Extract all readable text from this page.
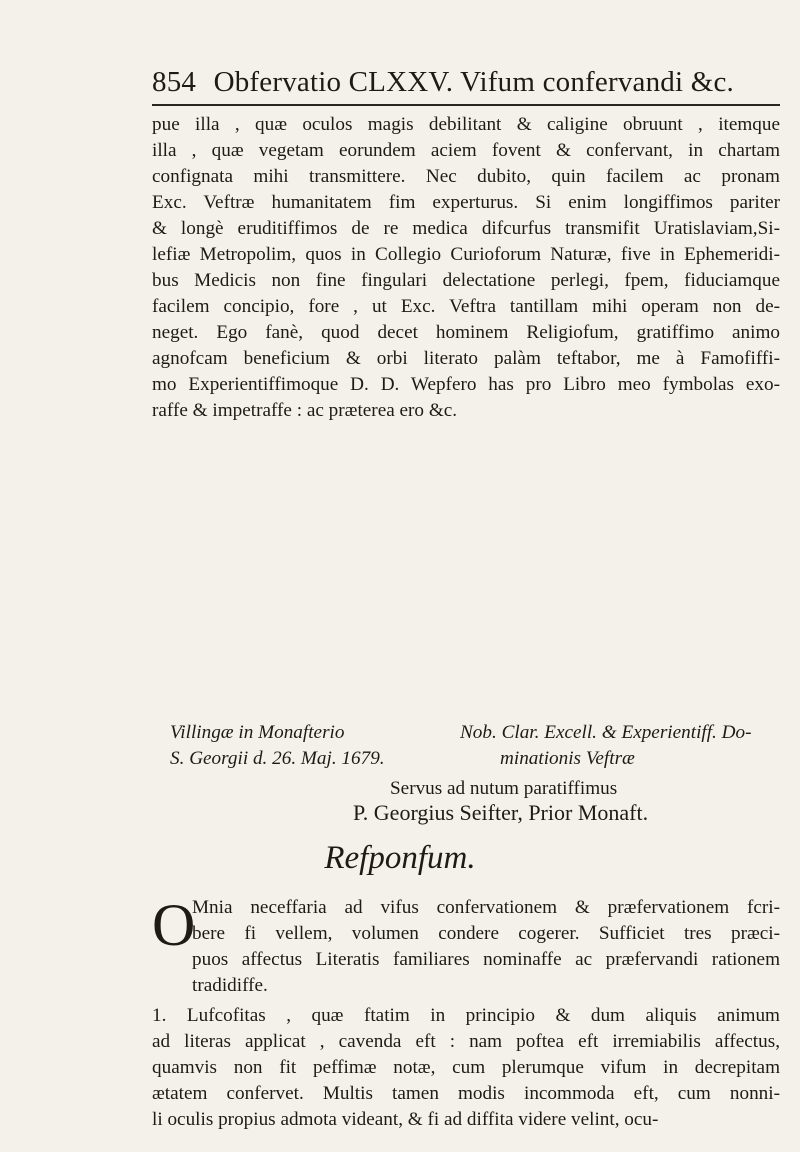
854 Obfervatio CLXXV. Vifum confervandi &c.
pue illa , quæ oculos magis debilitant & caligine obruunt , itemque
illa , quæ vegetam eorundem aciem fovent & confervant, in chartam
confignata mihi transmittere. Nec dubito, quin facilem ac pronam
Exc. Veftræ humanitatem fim experturus. Si enim longiffimos pariter
& longè eruditiffimos de re medica difcurfus transmifit Uratislaviam,Si-
lefiæ Metropolim, quos in Collegio Curioforum Naturæ, five in Ephemeridi-
bus Medicis non fine fingulari delectatione perlegi, fpem, fiduciamque
facilem concipio, fore , ut Exc. Veftra tantillam mihi operam non de-
neget. Ego fanè, quod decet hominem Religiofum, gratiffimo animo
agnofcam beneficium & orbi literato palàm teftabor, me à Famofiffi-
mo Experientiffimoque D. D. Wepfero has pro Libro meo fymbolas exo-
raffe & impetraffe : ac præterea ero &c.
Villingæ in Monafterio	Nob. Clar. Excell. & Experientiff. Do-
S. Georgii d. 26. Maj. 1679.	minationis Veftræ
Servus ad nutum paratiffimus
P. Georgius Seifter, Prior Monaft.
Refponfum.
O
Mnia neceffaria ad vifus confervationem & præfervationem fcri-
bere fi vellem, volumen condere cogerer. Sufficiet tres præci-
puos affectus Literatis familiares nominaffe ac præfervandi rationem
tradidiffe.
1. Lufcofitas , quæ ftatim in principio & dum aliquis animum
ad literas applicat , cavenda eft : nam poftea eft irremiabilis affectus,
quamvis non fit peffimæ notæ, cum plerumque vifum in decrepitam
ætatem confervet. Multis tamen modis incommoda eft, cum nonni-
li oculis propius admota videant, & fi ad diffita videre velint, ocu-
